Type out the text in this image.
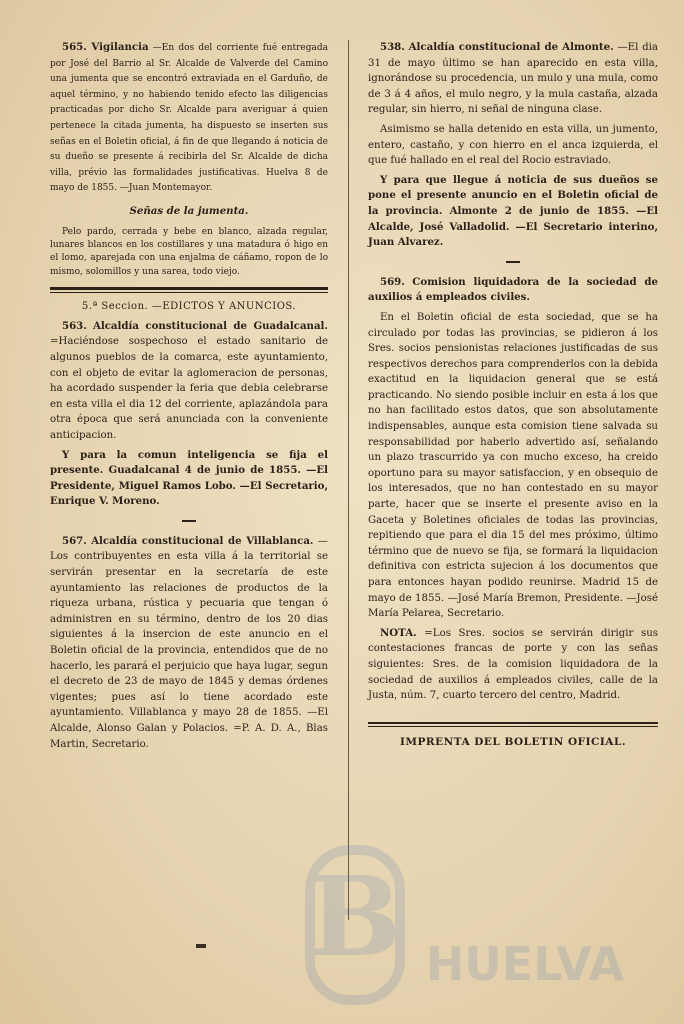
565. Vigilancia —En dos del corriente fué entregada por José del Barrio al Sr. Alcalde de Valverde del Camino una jumenta que se encontró extraviada en el Garduño, de aquel término, y no habiendo tenido efecto las diligencias practicadas por dicho Sr. Alcalde para averiguar á quien pertenece la citada jumenta, ha dispuesto se inserten sus señas en el Boletin oficial, á fin de que llegando á noticia de su dueño se presente á recibirla del Sr. Alcalde de dicha villa, prévio las formalidades justificativas. Huelva 8 de mayo de 1855. —Juan Montemayor.

Señas de la jumenta.

Pelo pardo, cerrada y bebe en blanco, alzada regular, lunares blancos en los costillares y una matadura ó higo en el lomo, aparejada con una enjalma de cáñamo, ropon de lo mismo, solomillos y una sarea, todo viejo.

5.ª Seccion. —EDICTOS Y ANUNCIOS.

563. Alcaldía constitucional de Guadalcanal. =Haciéndose sospechoso el estado sanitario de algunos pueblos de la comarca, este ayuntamiento, con el objeto de evitar la aglomeracion de personas, ha acordado suspender la feria que debia celebrarse en esta villa el dia 12 del corriente, aplazándola para otra época que será anunciada con la conveniente anticipacion.

Y para la comun inteligencia se fija el presente. Guadalcanal 4 de junio de 1855. —El Presidente, Miguel Ramos Lobo. —El Secretario, Enrique V. Moreno.

567. Alcaldía constitucional de Villablanca. —Los contribuyentes en esta villa á la territorial se servirán presentar en la secretaría de este ayuntamiento las relaciones de productos de la riqueza urbana, rústica y pecuaria que tengan ó administren en su término, dentro de los 20 dias siguientes á la insercion de este anuncio en el Boletin oficial de la provincia, entendidos que de no hacerlo, les parará el perjuicio que haya lugar, segun el decreto de 23 de mayo de 1845 y demas órdenes vigentes; pues así lo tiene acordado este ayuntamiento. Villablanca y mayo 28 de 1855. —El Alcalde, Alonso Galan y Polacios. =P. A. D. A., Blas Martin, Secretario.

538. Alcaldía constitucional de Almonte. —El dia 31 de mayo último se han aparecido en esta villa, ignorándose su procedencia, un mulo y una mula, como de 3 á 4 años, el mulo negro, y la mula castaña, alzada regular, sin hierro, ni señal de ninguna clase.

Asimismo se halla detenido en esta villa, un jumento, entero, castaño, y con hierro en el anca izquierda, el que fué hallado en el real del Rocio estraviado.

Y para que llegue á noticia de sus dueños se pone el presente anuncio en el Boletin oficial de la provincia. Almonte 2 de junio de 1855. —El Alcalde, José Valladolid. —El Secretario interino, Juan Alvarez.

569. Comision liquidadora de la sociedad de auxilios á empleados civiles.

En el Boletin oficial de esta sociedad, que se ha circulado por todas las provincias, se pidieron á los Sres. socios pensionistas relaciones justificadas de sus respectivos derechos para comprenderlos con la debida exactitud en la liquidacion general que se está practicando. No siendo posible incluir en esta á los que no han facilitado estos datos, que son absolutamente indispensables, aunque esta comision tiene salvada su responsabilidad por haberlo advertido así, señalando un plazo trascurrido ya con mucho exceso, ha creido oportuno para su mayor satisfaccion, y en obsequio de los interesados, que no han contestado en su mayor parte, hacer que se inserte el presente aviso en la Gaceta y Boletines oficiales de todas las provincias, repitiendo que para el dia 15 del mes próximo, último término que de nuevo se fija, se formará la liquidacion definitiva con estricta sujecion á los documentos que para entonces hayan podido reunirse. Madrid 15 de mayo de 1855. —José María Bremon, Presidente. —José María Pelarea, Secretario.

NOTA. =Los Sres. socios se servirán dirigir sus contestaciones francas de porte y con las señas siguientes: Sres. de la comision liquidadora de la sociedad de auxilios á empleados civiles, calle de la Justa, núm. 7, cuarto tercero del centro, Madrid.

IMPRENTA DEL BOLETIN OFICIAL.

B HUELVA
